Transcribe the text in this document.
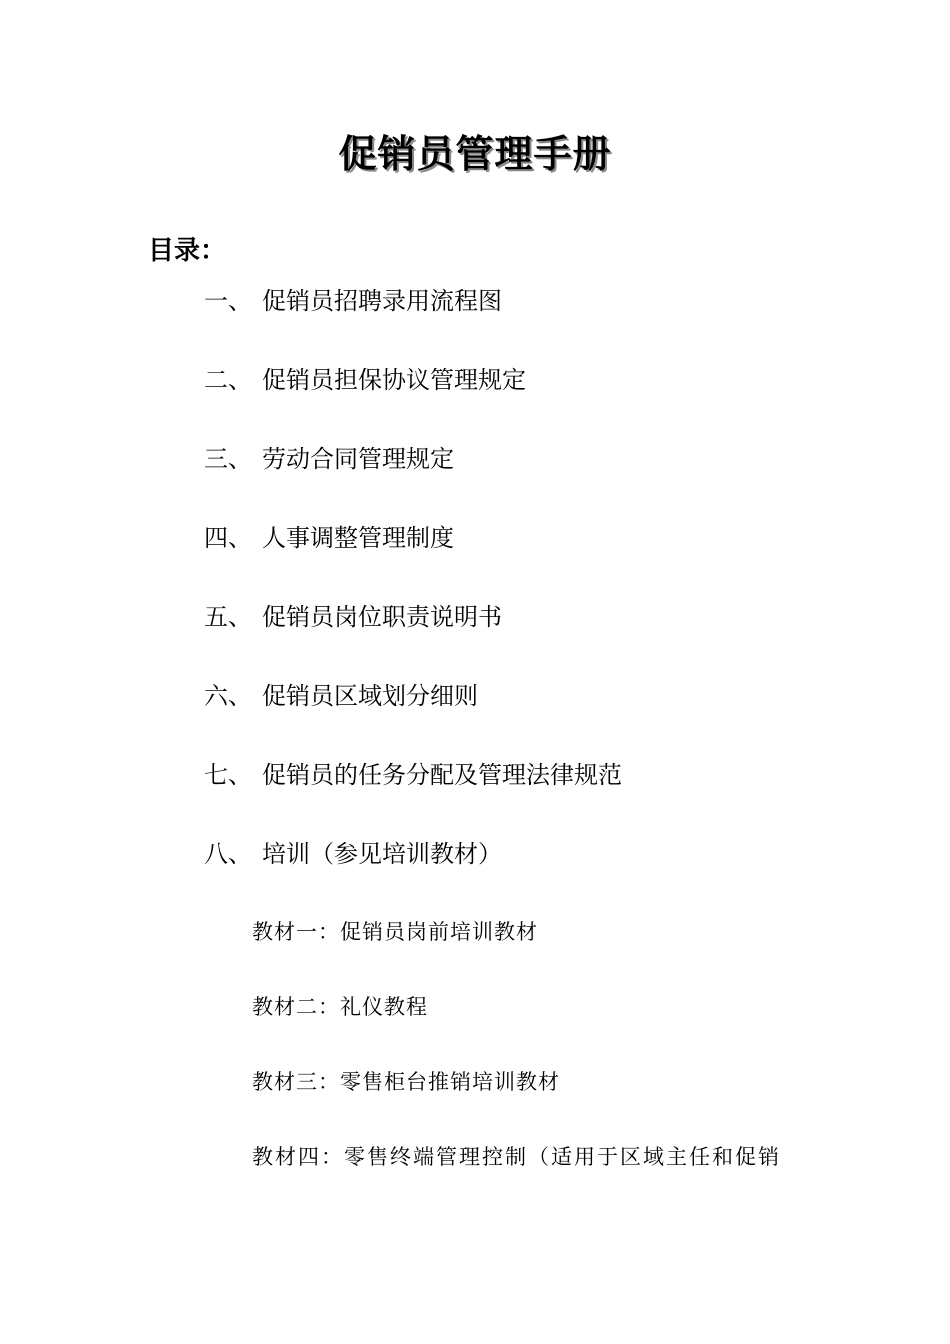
促销员管理手册
目录：
一、 促销员招聘录用流程图
二、 促销员担保协议管理规定
三、 劳动合同管理规定
四、 人事调整管理制度
五、 促销员岗位职责说明书
六、 促销员区域划分细则
七、 促销员的任务分配及管理法律规范
八、 培训（参见培训教材）
教材一：促销员岗前培训教材
教材二：礼仪教程
教材三：零售柜台推销培训教材
教材四：零售终端管理控制（适用于区域主任和促销
